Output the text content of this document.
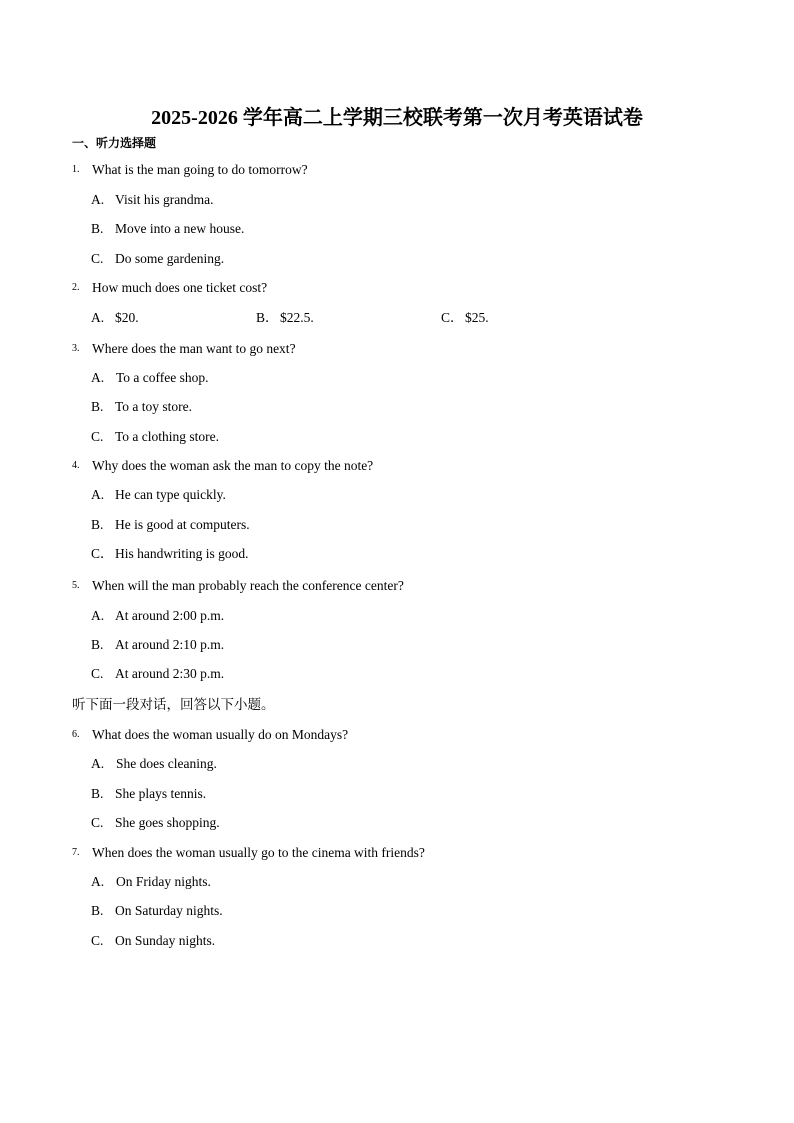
2025-2026 学年高二上学期三校联考第一次月考英语试卷
一、听力选择题
1. What is the man going to do tomorrow?
A. Visit his grandma.
B. Move into a new house.
C. Do some gardening.
2. How much does one ticket cost?
A. $20.	B． $22.5.	C． $25.
3. Where does the man want to go next?
A. To a coffee shop.
B. To a toy store.
C. To a clothing store.
4. Why does the woman ask the man to copy the note?
A. He can type quickly.
B. He is good at computers.
C． His handwriting is good.
5. When will the man probably reach the conference center?
A. At around 2:00 p.m.
B. At around 2:10 p.m.
C. At around 2:30 p.m.
听下面一段对话，回答以下小题。
6. What does the woman usually do on Mondays?
A. She does cleaning.
B. She plays tennis.
C. She goes shopping.
7. When does the woman usually go to the cinema with friends?
A. On Friday nights.
B. On Saturday nights.
C. On Sunday nights.
